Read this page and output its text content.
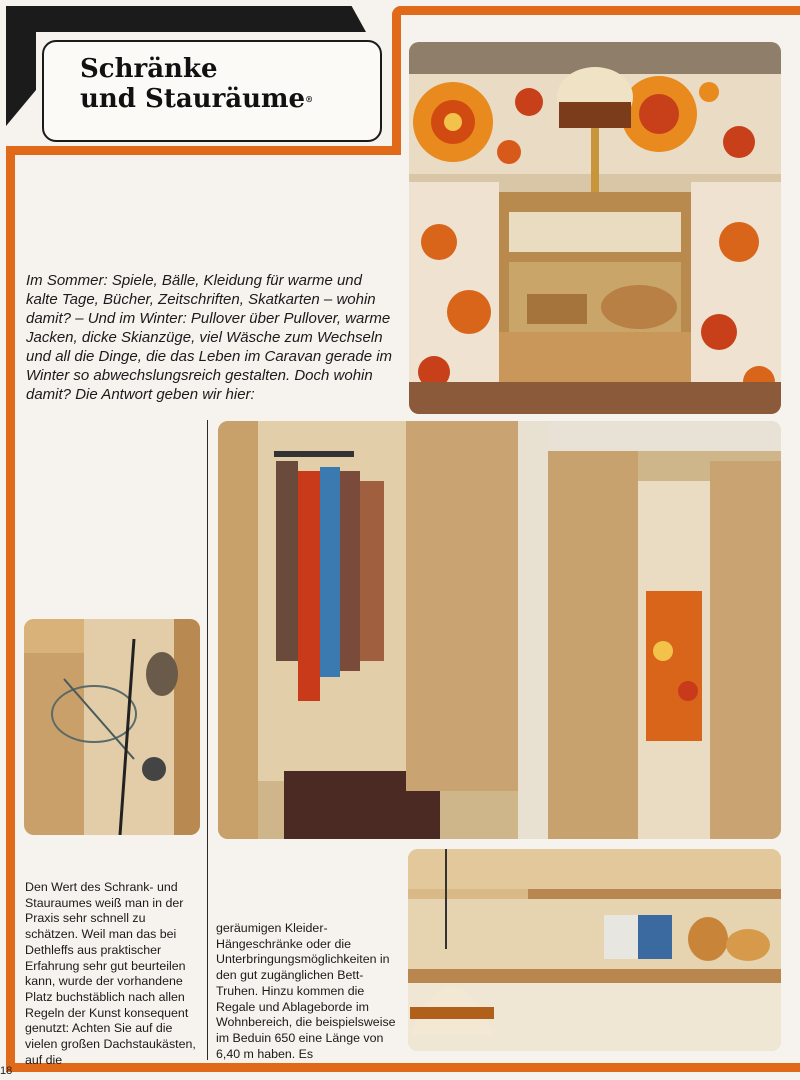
Schränke
und Stauräume®
Im Sommer: Spiele, Bälle, Kleidung für warme und kalte Tage, Bücher, Zeitschriften, Skatkarten – wohin damit? – Und im Winter: Pullover über Pullover, warme Jacken, dicke Skianzüge, viel Wäsche zum Wechseln und all die Dinge, die das Leben im Caravan gerade im Winter so abwechslungsreich gestalten. Doch wohin damit? Die Antwort geben wir hier:
Den Wert des Schrank- und Stauraumes weiß man in der Praxis sehr schnell zu schätzen. Weil man das bei Dethleffs aus praktischer Erfahrung sehr gut beurteilen kann, wurde der vorhandene Platz buchstäblich nach allen Regeln der Kunst konsequent genutzt: Achten Sie auf die vielen großen Dachstaukästen, auf die
geräumigen Kleider-Hängeschränke oder die Unterbringungsmöglichkeiten in den gut zugänglichen Bett-Truhen. Hinzu kommen die Regale und Ablageborde im Wohnbereich, die beispielsweise im Beduin 650 eine Länge von 6,40 m haben. Es
18
